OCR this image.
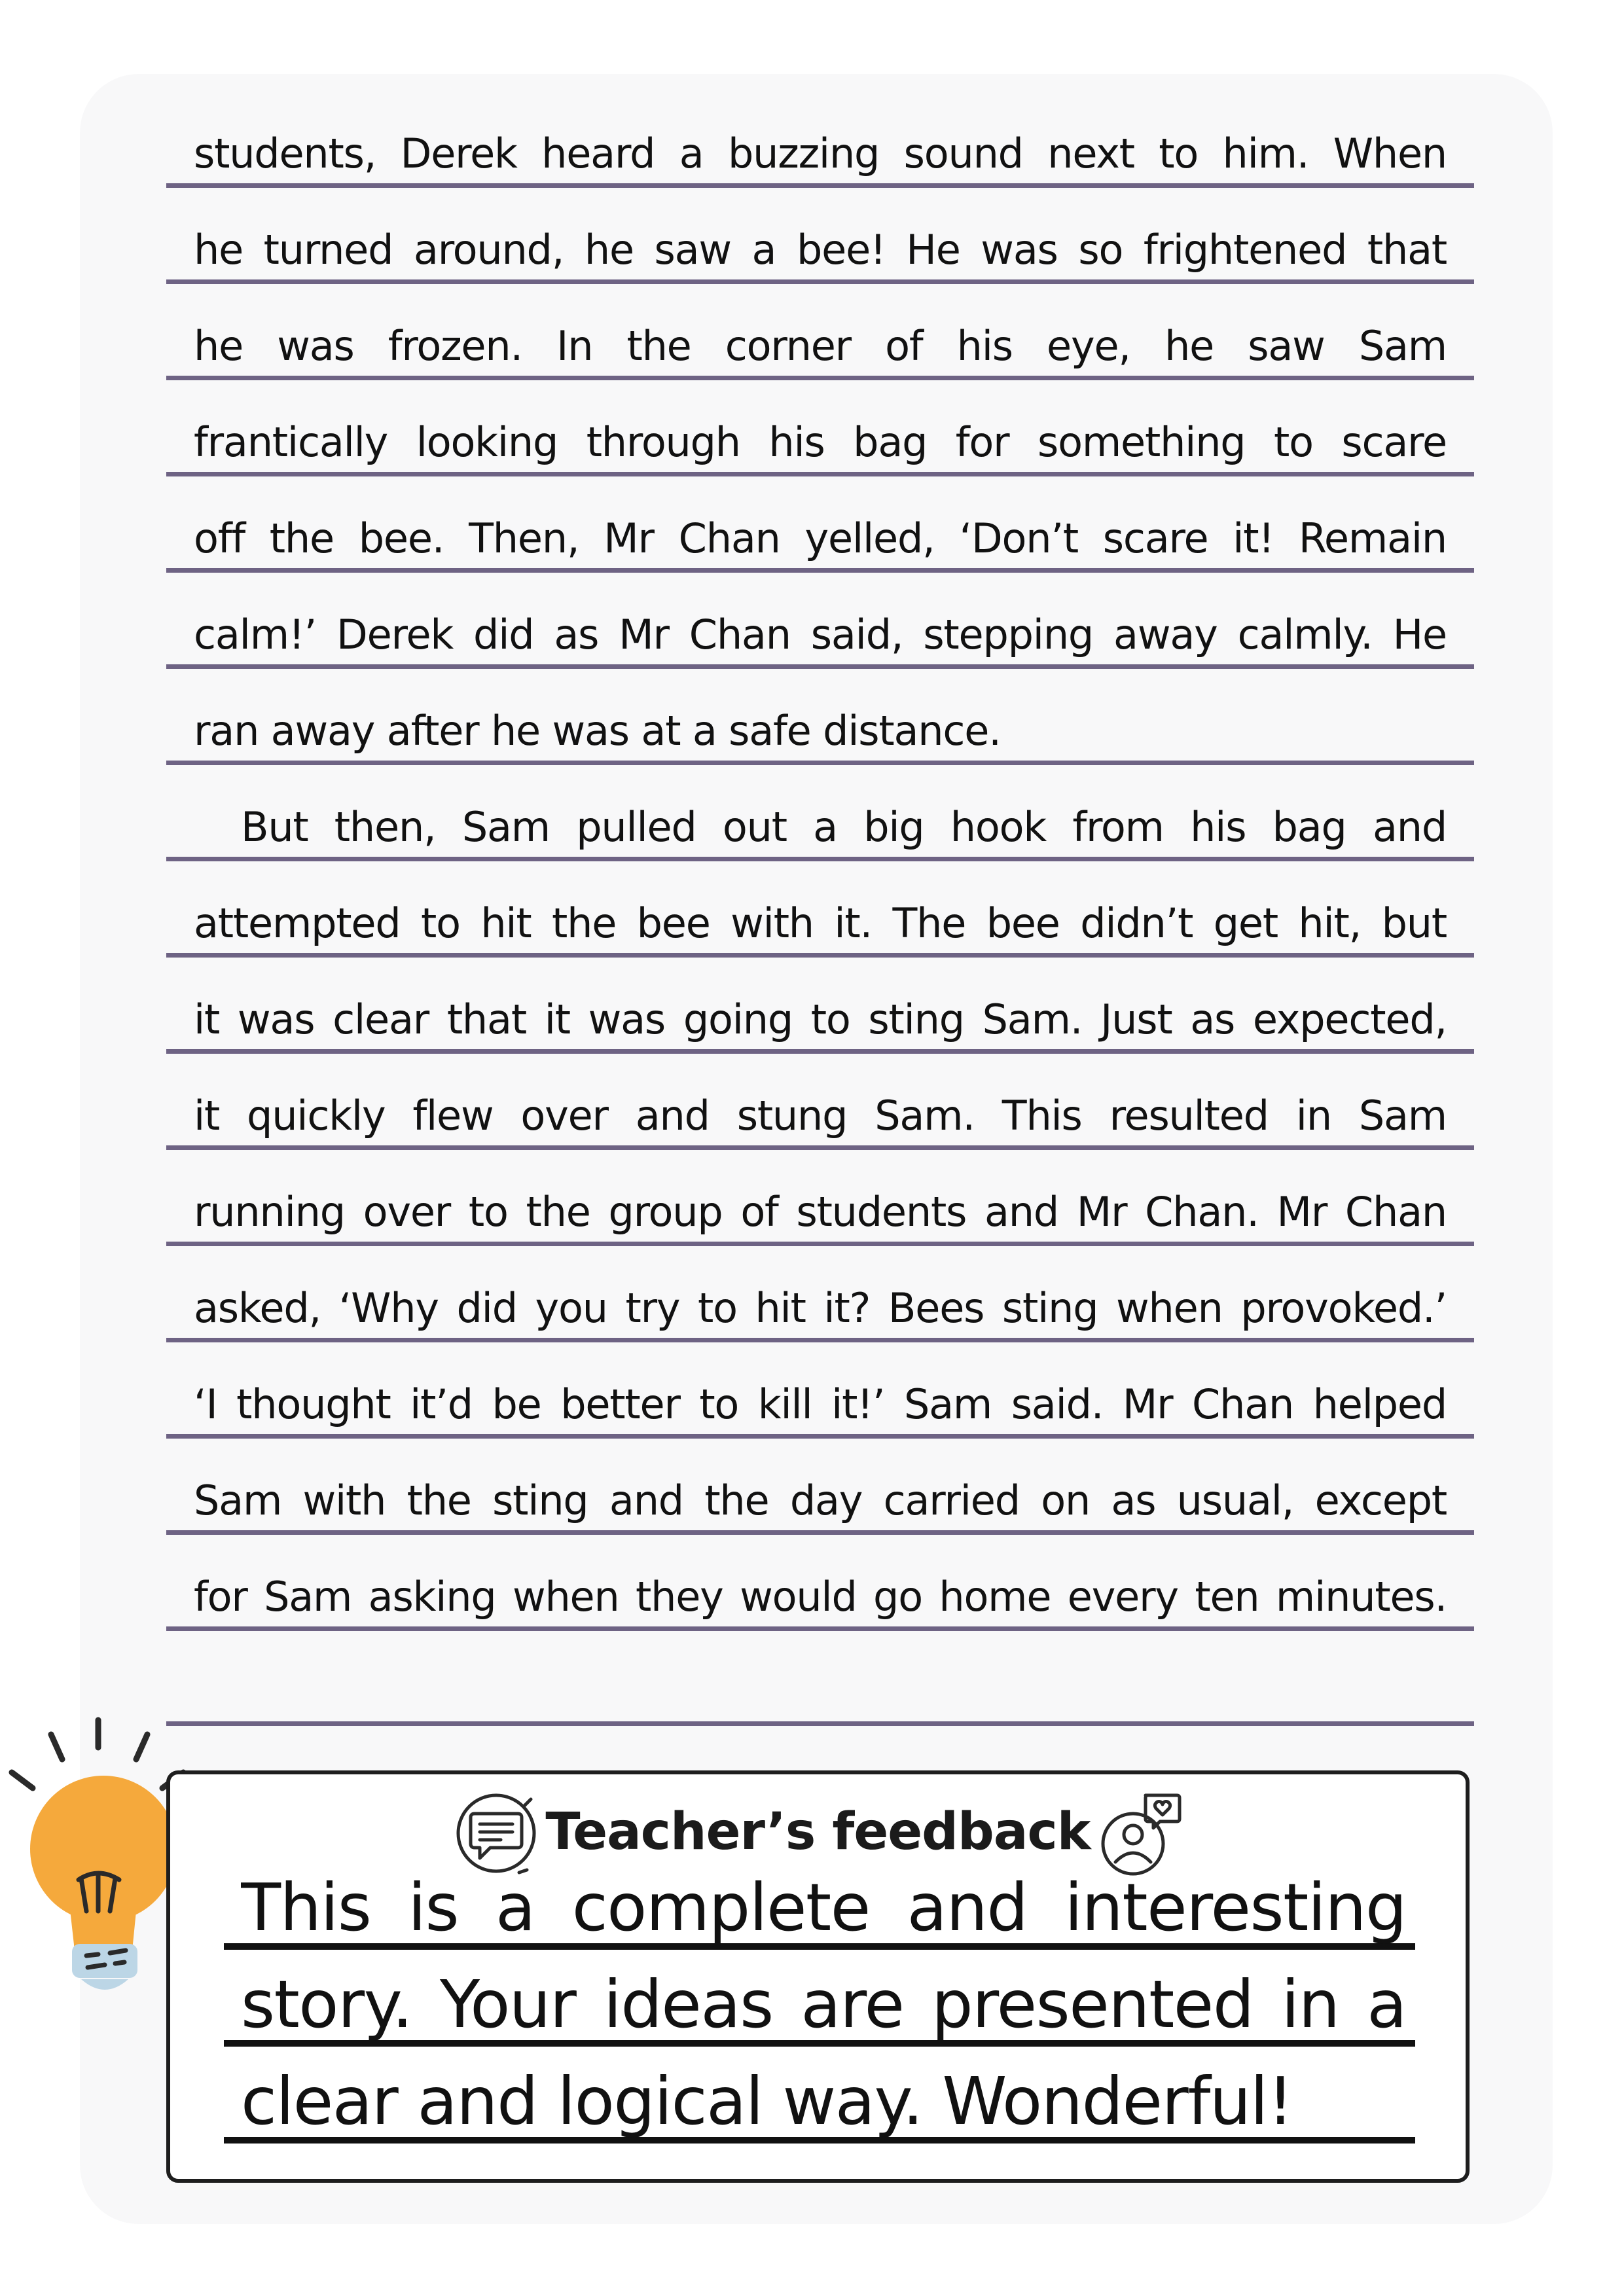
students, Derek heard a buzzing sound next to him. When
he turned around, he saw a bee! He was so frightened that
he was frozen. In the corner of his eye, he saw Sam
frantically looking through his bag for something to scare
off the bee. Then, Mr Chan yelled, ‘Don’t scare it! Remain
calm!’ Derek did as Mr Chan said, stepping away calmly. He
ran away after he was at a safe distance.
But then, Sam pulled out a big hook from his bag and
attempted to hit the bee with it. The bee didn’t get hit, but
it was clear that it was going to sting Sam. Just as expected,
it quickly flew over and stung Sam. This resulted in Sam
running over to the group of students and Mr Chan. Mr Chan
asked, ‘Why did you try to hit it? Bees sting when provoked.’
‘I thought it’d be better to kill it!’ Sam said. Mr Chan helped
Sam with the sting and the day carried on as usual, except
for Sam asking when they would go home every ten minutes.
Teacher’s feedback
This is a complete and interesting
story. Your ideas are presented in a
clear and logical way. Wonderful!
